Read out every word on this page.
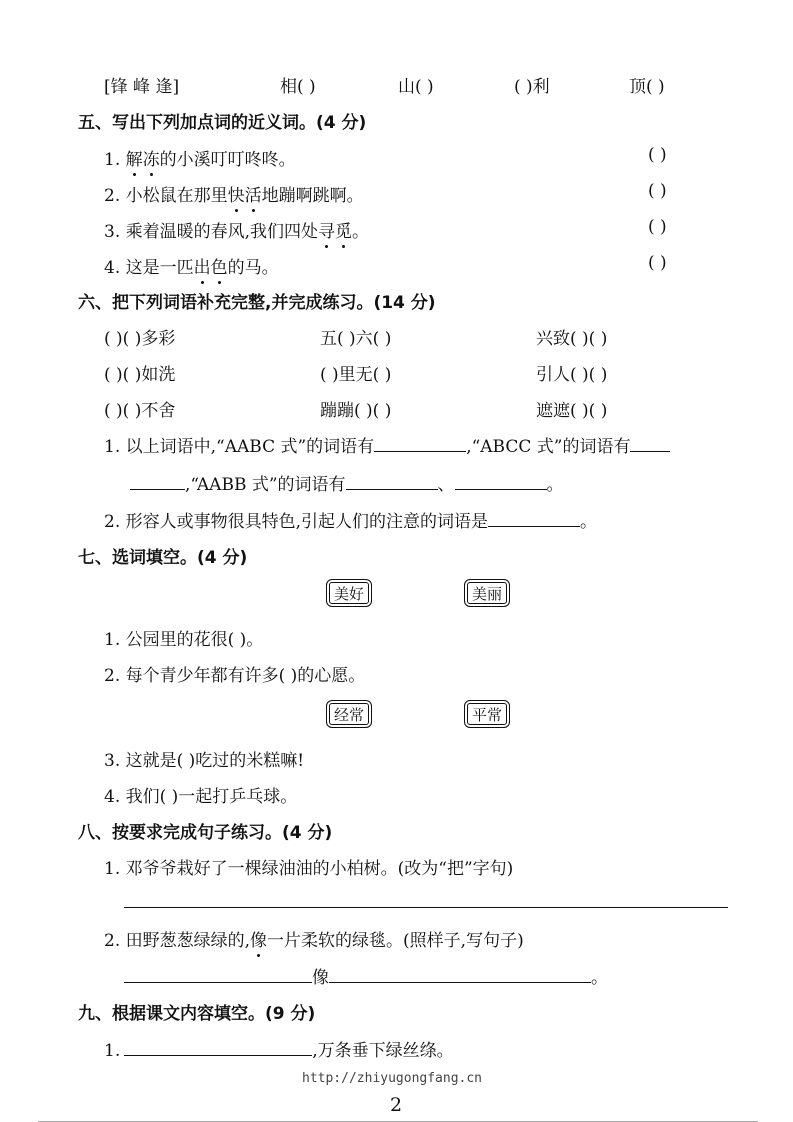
[锋 峰 逢]	相( )	山( )	( )利	顶( )
五、写出下列加点词的近义词。(4 分)
1. 解冻的小溪叮叮咚咚。	( )
2. 小松鼠在那里快活地蹦啊跳啊。	( )
3. 乘着温暖的春风,我们四处寻觅。	( )
4. 这是一匹出色的马。	( )
六、把下列词语补充完整,并完成练习。(14 分)
( )( )多彩	五( )六( )	兴致( )( )
( )( )如洗	( )里无( )	引人( )( )
( )( )不舍	蹦蹦( )( )	遮遮( )( )
1. 以上词语中,“AABC 式”的词语有	,“ABCC 式”的词语有
,“AABB 式”的词语有	、	。
2. 形容人或事物很具特色,引起人们的注意的词语是	。
七、选词填空。(4 分)
美好	美丽
1. 公园里的花很( )。
2. 每个青少年都有许多( )的心愿。
经常	平常
3. 这就是( )吃过的米糕嘛!
4. 我们( )一起打乒乓球。
八、按要求完成句子练习。(4 分)
1. 邓爷爷栽好了一棵绿油油的小柏树。(改为“把”字句)
2. 田野葱葱绿绿的,像一片柔软的绿毯。(照样子,写句子)
像	。
九、根据课文内容填空。(9 分)
1.	,万条垂下绿丝绦。
http://zhiyugongfang.cn
2
